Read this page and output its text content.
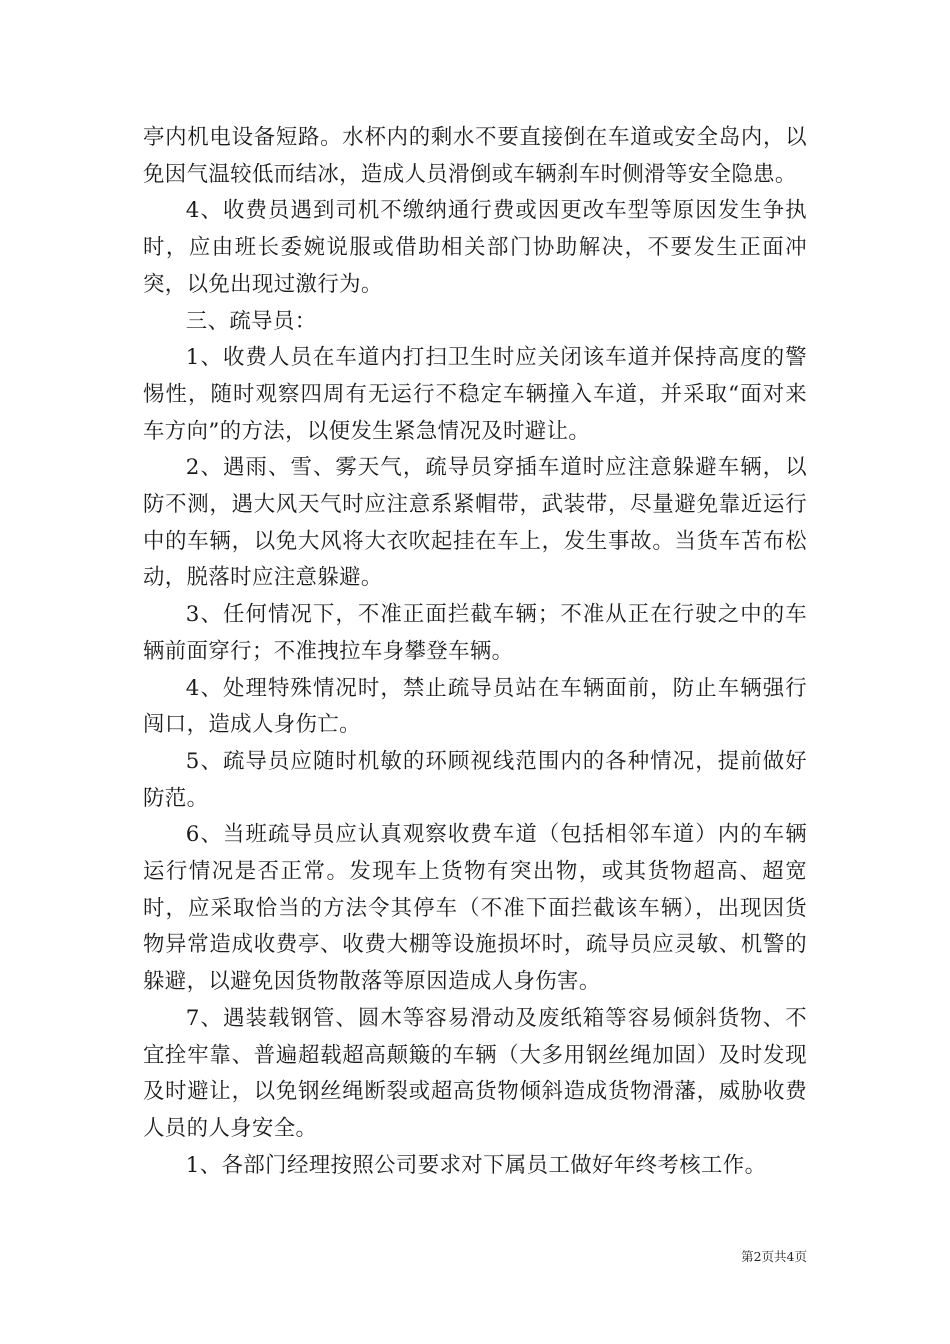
亭内机电设备短路。水杯内的剩水不要直接倒在车道或安全岛内，以免因气温较低而结冰，造成人员滑倒或车辆刹车时侧滑等安全隐患。

4、收费员遇到司机不缴纳通行费或因更改车型等原因发生争执时，应由班长委婉说服或借助相关部门协助解决，不要发生正面冲突，以免出现过激行为。

三、疏导员：

1、收费人员在车道内打扫卫生时应关闭该车道并保持高度的警惕性，随时观察四周有无运行不稳定车辆撞入车道，并采取“面对来车方向”的方法，以便发生紧急情况及时避让。

2、遇雨、雪、雾天气，疏导员穿插车道时应注意躲避车辆，以防不测，遇大风天气时应注意系紧帽带，武装带，尽量避免靠近运行中的车辆，以免大风将大衣吹起挂在车上，发生事故。当货车苫布松动，脱落时应注意躲避。

3、任何情况下，不准正面拦截车辆；不准从正在行驶之中的车辆前面穿行；不准拽拉车身攀登车辆。

4、处理特殊情况时，禁止疏导员站在车辆面前，防止车辆强行闯口，造成人身伤亡。

5、疏导员应随时机敏的环顾视线范围内的各种情况，提前做好防范。

6、当班疏导员应认真观察收费车道（包括相邻车道）内的车辆运行情况是否正常。发现车上货物有突出物，或其货物超高、超宽时，应采取恰当的方法令其停车（不准下面拦截该车辆），出现因货物异常造成收费亭、收费大棚等设施损坏时，疏导员应灵敏、机警的躲避，以避免因货物散落等原因造成人身伤害。

7、遇装载钢管、圆木等容易滑动及废纸箱等容易倾斜货物、不宜拴牢靠、普遍超载超高颠簸的车辆（大多用钢丝绳加固）及时发现及时避让，以免钢丝绳断裂或超高货物倾斜造成货物滑藩，威胁收费人员的人身安全。

1、各部门经理按照公司要求对下属员工做好年终考核工作。

第2页共4页
